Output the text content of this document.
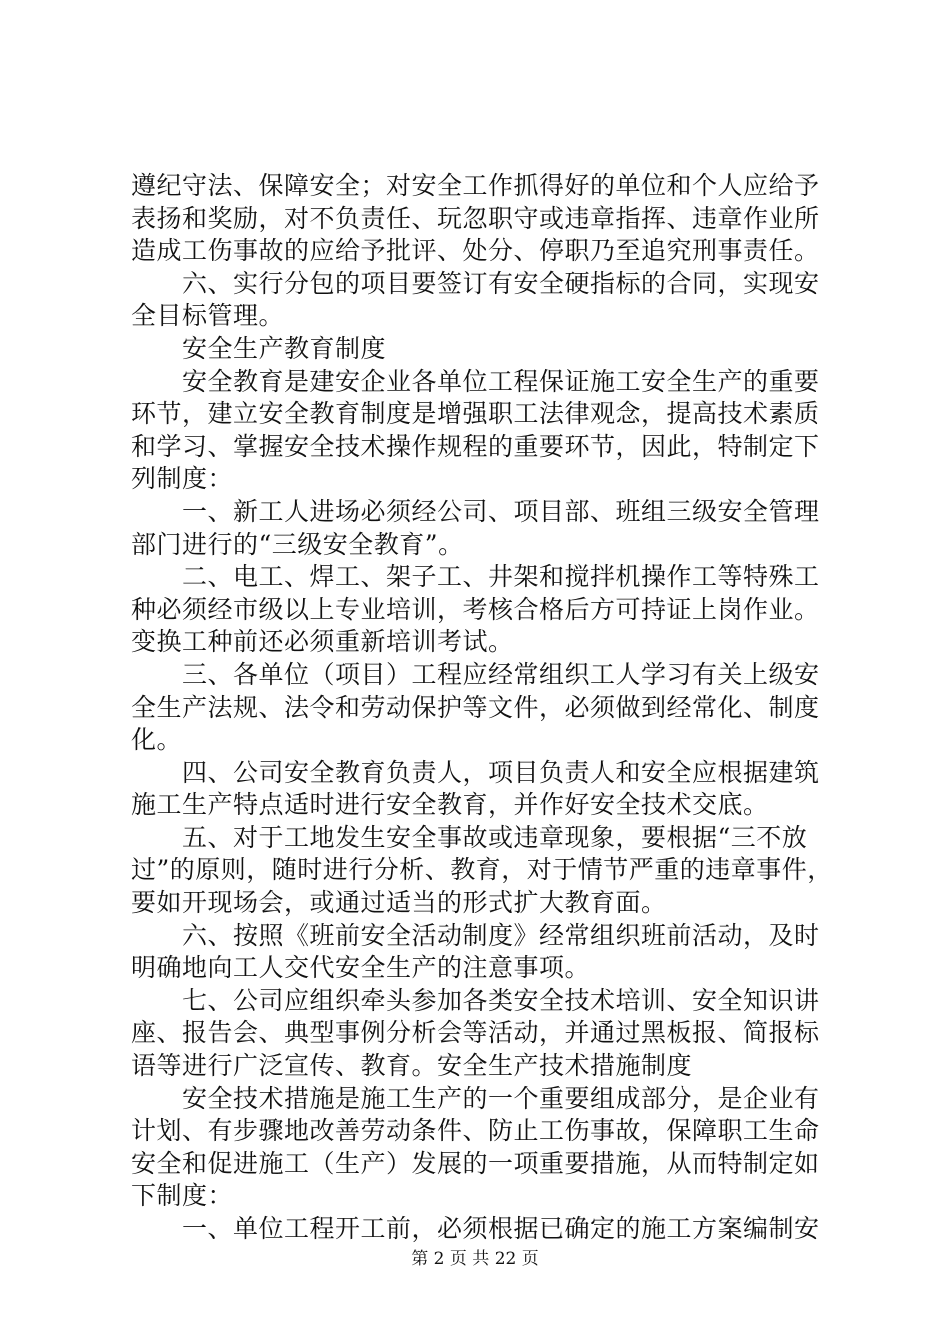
遵纪守法、保障安全；对安全工作抓得好的单位和个人应给予
表扬和奖励，对不负责任、玩忽职守或违章指挥、违章作业所
造成工伤事故的应给予批评、处分、停职乃至追究刑事责任。
　　六、实行分包的项目要签订有安全硬指标的合同，实现安
全目标管理。
　　安全生产教育制度
　　安全教育是建安企业各单位工程保证施工安全生产的重要
环节，建立安全教育制度是增强职工法律观念，提高技术素质
和学习、掌握安全技术操作规程的重要环节，因此，特制定下
列制度：
　　一、新工人进场必须经公司、项目部、班组三级安全管理
部门进行的“三级安全教育”。
　　二、电工、焊工、架子工、井架和搅拌机操作工等特殊工
种必须经市级以上专业培训，考核合格后方可持证上岗作业。
变换工种前还必须重新培训考试。
　　三、各单位（项目）工程应经常组织工人学习有关上级安
全生产法规、法令和劳动保护等文件，必须做到经常化、制度
化。
　　四、公司安全教育负责人，项目负责人和安全应根据建筑
施工生产特点适时进行安全教育，并作好安全技术交底。
　　五、对于工地发生安全事故或违章现象，要根据“三不放
过”的原则，随时进行分析、教育，对于情节严重的违章事件，
要如开现场会，或通过适当的形式扩大教育面。
　　六、按照《班前安全活动制度》经常组织班前活动，及时
明确地向工人交代安全生产的注意事项。
　　七、公司应组织牵头参加各类安全技术培训、安全知识讲
座、报告会、典型事例分析会等活动，并通过黑板报、简报标
语等进行广泛宣传、教育。安全生产技术措施制度
　　安全技术措施是施工生产的一个重要组成部分，是企业有
计划、有步骤地改善劳动条件、防止工伤事故，保障职工生命
安全和促进施工（生产）发展的一项重要措施，从而特制定如
下制度：
　　一、单位工程开工前，必须根据已确定的施工方案编制安
第 2 页 共 22 页
